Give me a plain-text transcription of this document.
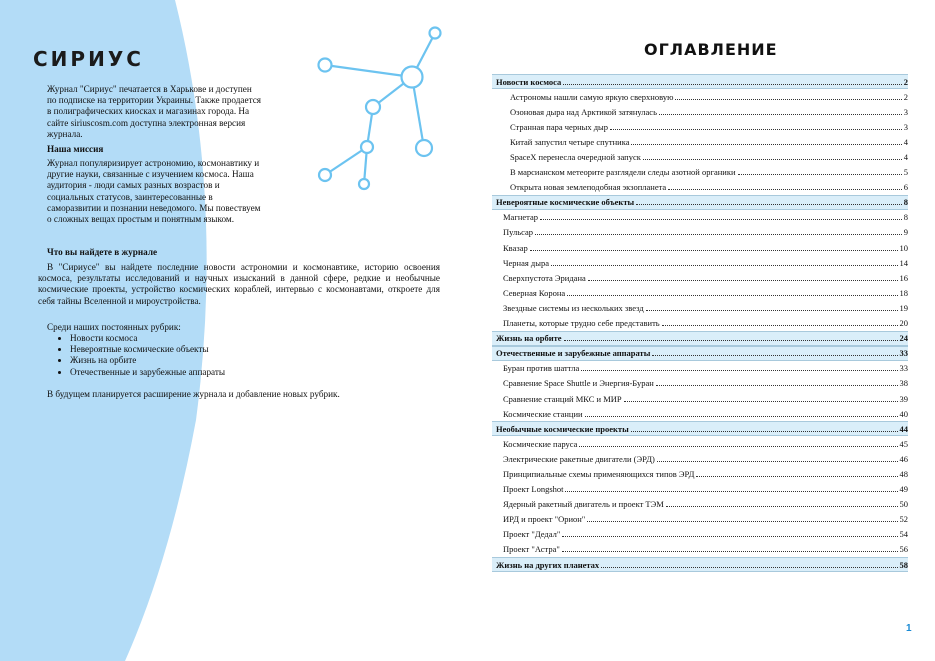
СИРИУС

Журнал "Сириус" печатается в Харькове и доступен по подписке на территории Украины. Также продается в полиграфических киосках и магазинах города. На сайте siriuscosm.com доступна электронная версия журнала.

Наша миссия

Журнал популяризирует астрономию, космонавтику и другие науки, связанные с изучением космоса. Наша аудитория - люди самых разных возрастов и социальных статусов, заинтересованные в саморазвитии и познании неведомого. Мы повествуем о сложных вещах простым и понятным языком.

Что вы найдете в журнале

В "Сириусе" вы найдете последние новости астрономии и космонавтике, историю освоения космоса, результаты исследований и научных изысканий в данной сфере, редкие и необычные космические проекты, устройство космических кораблей, интервью с космонавтами, откроете для себя тайны Вселенной и мироустройства.

Среди наших постоянных рубрик:

• Новости космоса
• Невероятные космические объекты
• Жизнь на орбите
• Отечественные и зарубежные аппараты

В будущем планируется расширение журнала и добавление новых рубрик.

ОГЛАВЛЕНИЕ
Новости космоса	2
Астрономы нашли самую яркую сверхновую	2
Озоновая дыра над Арктикой затянулась	3
Странная пара черных дыр	3
Китай запустил четыре спутника	4
SpaceX перенесла очередной запуск	4
В марсианском метеорите разглядели следы азотной органики	5
Открыта новая землеподобная экзопланета	6
Невероятные космические объекты	8
Магнетар	8
Пульсар	9
Квазар	10
Черная дыра	14
Сверхпустота Эридана	16
Северная Корона	18
Звездные системы из нескольких звезд	19
Планеты, которые трудно себе представить	20
Жизнь на орбите	24
Отечественные и зарубежные аппараты	33
Буран против шаттла	33
Сравнение Space Shuttle и Энергия-Буран	38
Сравнение станций МКС и МИР	39
Космические станции	40
Необычные космические проекты	44
Космические паруса	45
Электрические ракетные двигатели (ЭРД)	46
Принципиальные схемы применяющихся типов ЭРД	48
Проект Longshot	49
Ядерный ракетный двигатель и проект ТЭМ	50
ИРД и проект "Орион"	52
Проект "Дедал"	54
Проект "Астра"	56
Жизнь на других планетах	58
1
